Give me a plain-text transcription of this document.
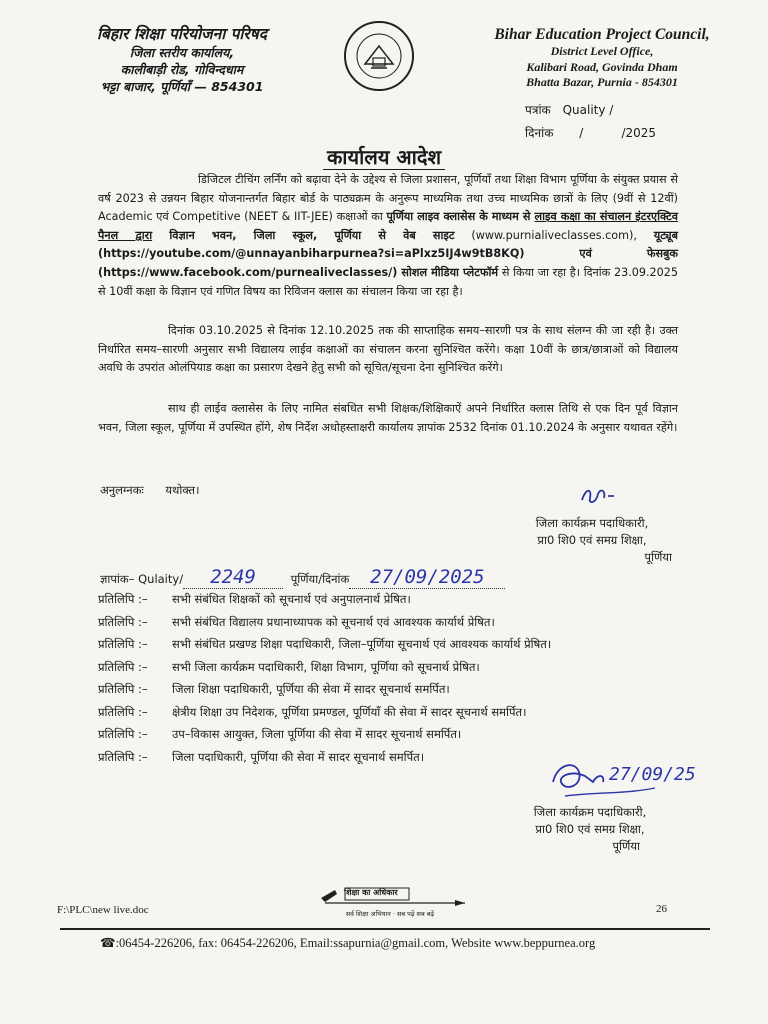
बिहार शिक्षा परियोजना परिषद
जिला स्तरीय कार्यालय,
कालीबाड़ी रोड, गोविन्दधाम
भट्टा बाजार, पूर्णियाँ — 854301
Bihar Education Project Council,
District Level Office,
Kalibari Road, Govinda Dham
Bhatta Bazar, Purnia - 854301
पत्रांक Quality /
दिनांक /          /2025
कार्यालय आदेश
डिजिटल टीचिंग लर्निंग को बढ़ावा देने के उद्देश्य से जिला प्रशासन, पूर्णियाँ तथा शिक्षा विभाग पूर्णिया के संयुक्त प्रयास से वर्ष 2023 से उन्नयन बिहार योजनान्तर्गत बिहार बोर्ड के पाठ्यक्रम के अनुरूप माध्यमिक तथा उच्च माध्यमिक छात्रों के लिए (9वीं से 12वीं) Academic एवं Competitive (NEET & IIT-JEE) कक्षाओं का पूर्णिया लाइव क्लासेस के माध्यम से लाइव कक्षा का संचालन इंटरएक्टिव पैनल द्वारा विज्ञान भवन, जिला स्कूल, पूर्णिया से वेब साइट (www.purnialiveclasses.com), यूट्यूब (https://youtube.com/@unnayanbiharpurnea?si=aPlxz5IJ4w9tB8KQ) एवं फेसबुक (https://www.facebook.com/purnealiveclasses/) सोशल मीडिया प्लेटफॉर्म से किया जा रहा है। दिनांक 23.09.2025 से 10वीं कक्षा के विज्ञान एवं गणित विषय का रिविजन क्लास का संचालन किया जा रहा है।
दिनांक 03.10.2025 से दिनांक 12.10.2025 तक की साप्ताहिक समय–सारणी पत्र के साथ संलग्न की जा रही है। उक्त निर्धारित समय–सारणी अनुसार सभी विद्यालय लाईव कक्षाओं का संचालन करना सुनिश्चित करेंगे। कक्षा 10वीं के छात्र/छात्राओं को विद्यालय अवधि के उपरांत ओलंपियाड कक्षा का प्रसारण देखने हेतु सभी को सूचित/सूचना देना सुनिश्चित करेंगे।
साथ ही लाईव क्लासेस के लिए नामित संबधित सभी शिक्षक/शिक्षिकाऐं अपने निर्धारित क्लास तिथि से एक दिन पूर्व विज्ञान भवन, जिला स्कूल, पूर्णिया में उपस्थित होंगे, शेष निर्देश अधोहस्ताक्षरी कार्यालय ज्ञापांक 2532 दिनांक 01.10.2024 के अनुसार यथावत रहेंगे।
अनुलग्नकः यथोक्त।
जिला कार्यक्रम पदाधिकारी,
प्रा0 शि0 एवं समग्र शिक्षा,
पूर्णिया
ज्ञापांक– Qulaity/ 2249	पूर्णिया/दिनांक 27/09/2025
प्रतिलिपि :– सभी संबंधित शिक्षकों को सूचनार्थ एवं अनुपालनार्थ प्रेषित।
प्रतिलिपि :– सभी संबंधित विद्यालय प्रधानाध्यापक को सूचनार्थ एवं आवश्यक कार्यार्थ प्रेषित।
प्रतिलिपि :– सभी संबंधित प्रखण्ड शिक्षा पदाधिकारी, जिला–पूर्णिया सूचनार्थ एवं आवश्यक कार्यार्थ प्रेषित।
प्रतिलिपि :– सभी जिला कार्यक्रम पदाधिकारी, शिक्षा विभाग, पूर्णिया को सूचनार्थ प्रेषित।
प्रतिलिपि :– जिला शिक्षा पदाधिकारी, पूर्णिया की सेवा में सादर सूचनार्थ समर्पित।
प्रतिलिपि :– क्षेत्रीय शिक्षा उप निदेशक, पूर्णिया प्रमण्डल, पूर्णियाँ की सेवा में सादर सूचनार्थ समर्पित।
प्रतिलिपि :– उप–विकास आयुक्त, जिला पूर्णिया की सेवा में सादर सूचनार्थ समर्पित।
प्रतिलिपि :– जिला पदाधिकारी, पूर्णिया की सेवा में सादर सूचनार्थ समर्पित।
27/09/25
जिला कार्यक्रम पदाधिकारी,
प्रा0 शि0 एवं समग्र शिक्षा,
पूर्णिया
शिक्षा का अधिकार
सर्व शिक्षा अभियान · सब पढ़ें सब बढ़ें
F:\PLC\new live.doc	26
☎:06454-226206, fax: 06454-226206, Email:ssapurnia@gmail.com, Website www.beppurnea.org
